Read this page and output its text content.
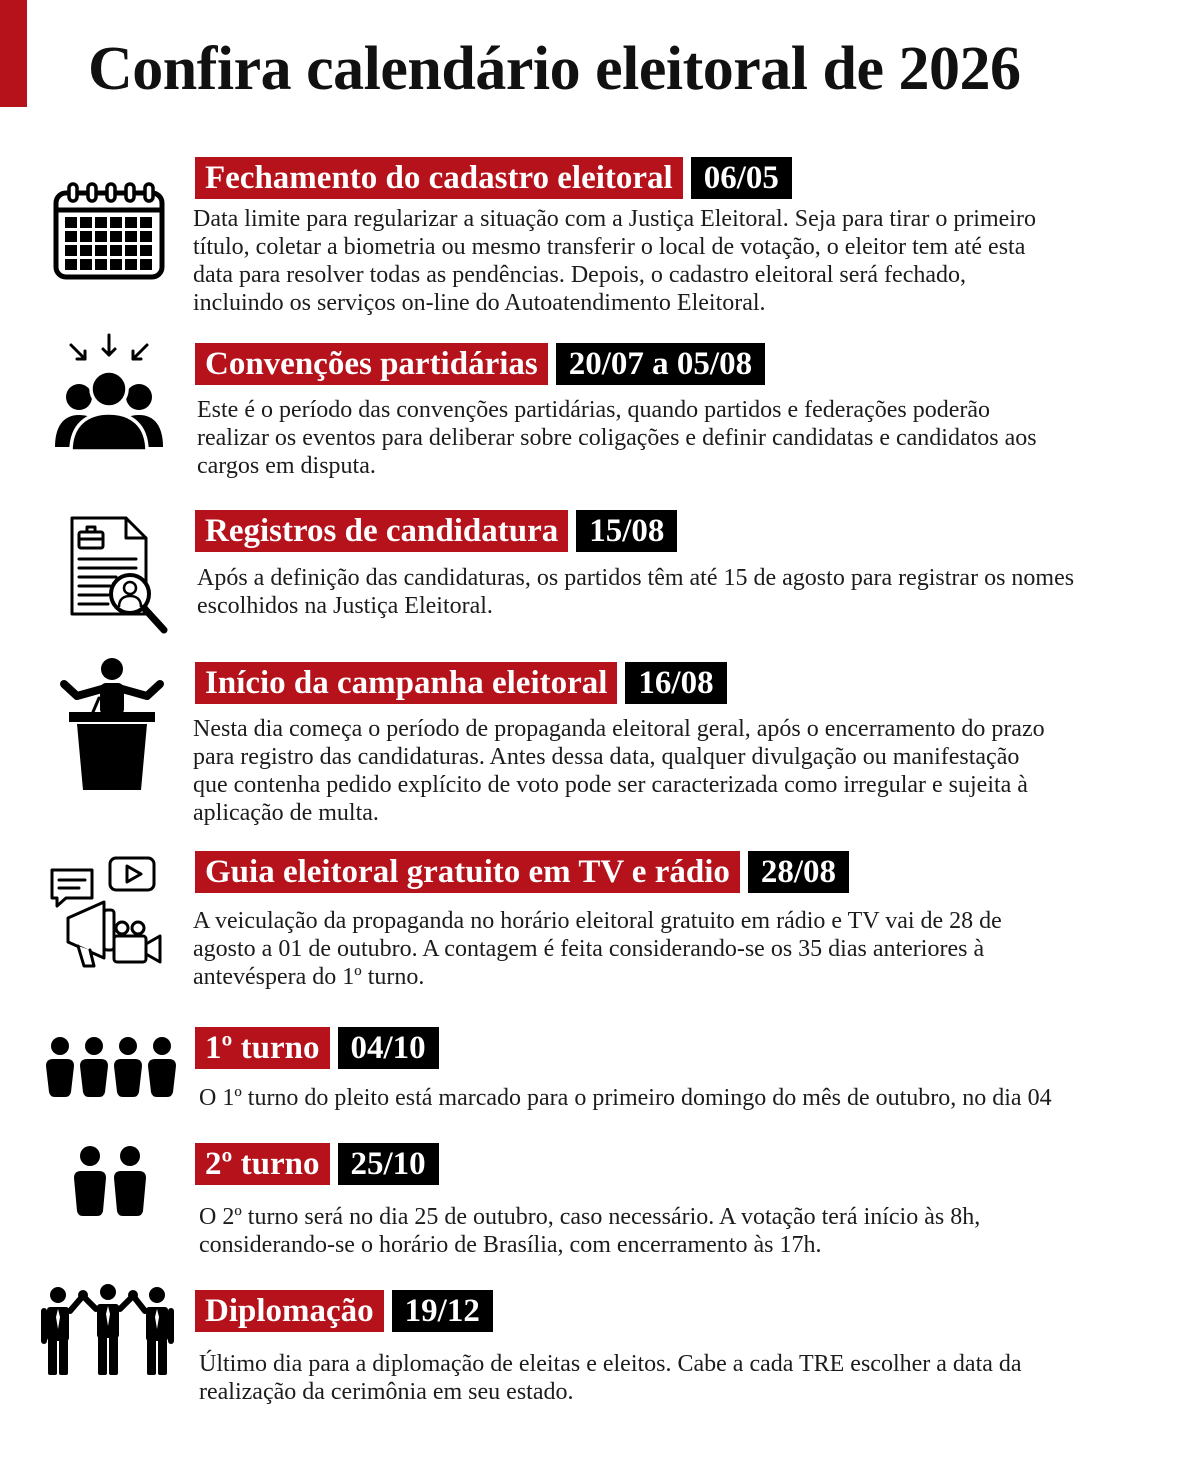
Confira calendário eleitoral de 2026
Fechamento do cadastro eleitoral 06/05
Data limite para regularizar a situação com a Justiça Eleitoral. Seja para tirar o primeiro
título, coletar a biometria ou mesmo transferir o local de votação, o eleitor tem até esta
data para resolver todas as pendências. Depois, o cadastro eleitoral será fechado,
incluindo os serviços on-line do Autoatendimento Eleitoral.
Convenções partidárias 20/07 a 05/08
Este é o período das convenções partidárias, quando partidos e federações poderão
realizar os eventos para deliberar sobre coligações e definir candidatas e candidatos aos
cargos em disputa.
Registros de candidatura 15/08
Após a definição das candidaturas, os partidos têm até 15 de agosto para registrar os nomes
escolhidos na Justiça Eleitoral.
Início da campanha eleitoral 16/08
Nesta dia começa o período de propaganda eleitoral geral, após o encerramento do prazo
para registro das candidaturas. Antes dessa data, qualquer divulgação ou manifestação
que contenha pedido explícito de voto pode ser caracterizada como irregular e sujeita à
aplicação de multa.
Guia eleitoral gratuito em TV e rádio 28/08
A veiculação da propaganda no horário eleitoral gratuito em rádio e TV vai de 28 de
agosto a 01 de outubro. A contagem é feita considerando-se os 35 dias anteriores à
antevéspera do 1º turno.
1º turno 04/10
O 1º turno do pleito está marcado para o primeiro domingo do mês de outubro, no dia 04
2º turno 25/10
O 2º turno será no dia 25 de outubro, caso necessário. A votação terá início às 8h,
considerando-se o horário de Brasília, com encerramento às 17h.
Diplomação 19/12
Último dia para a diplomação de eleitas e eleitos. Cabe a cada TRE escolher a data da
realização da cerimônia em seu estado.
